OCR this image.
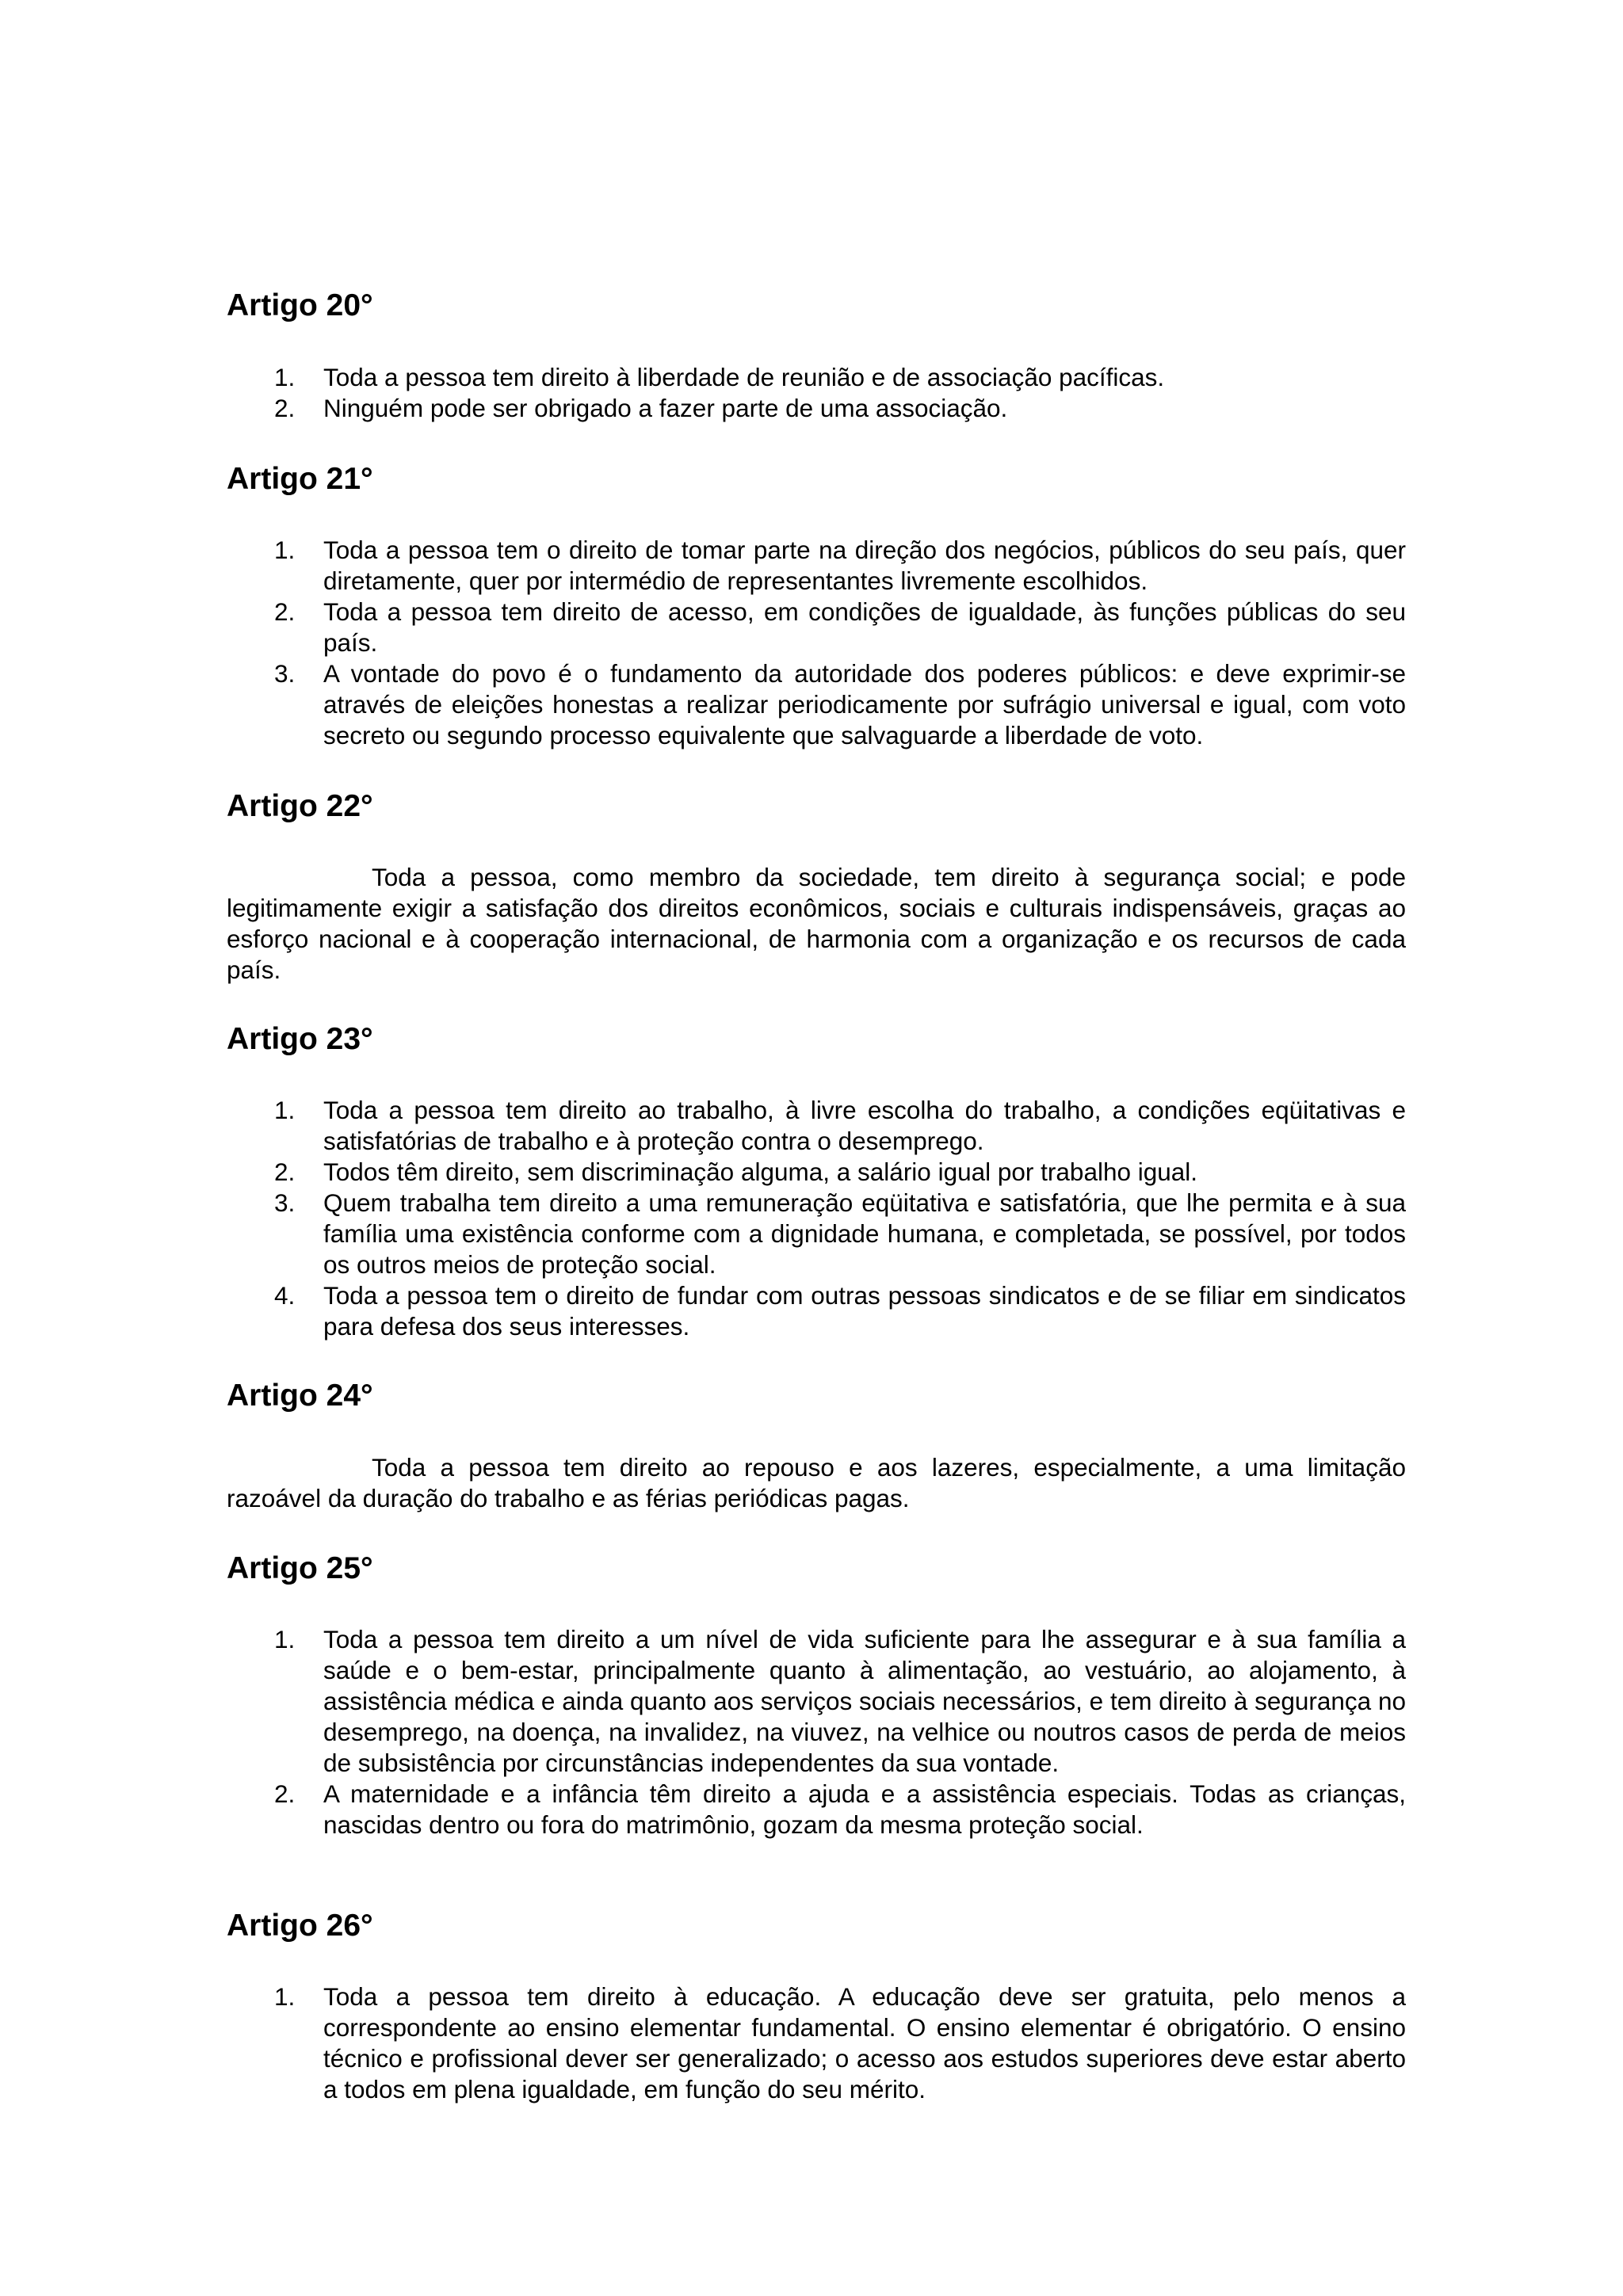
Artigo 20°
1.	Toda a pessoa tem direito à liberdade de reunião e de associação pacíficas.
2.	Ninguém pode ser obrigado a fazer parte de uma associação.
Artigo 21°
1.	Toda a pessoa tem o direito de tomar parte na direção dos negócios, públicos do seu país, quer diretamente, quer por intermédio de representantes livremente escolhidos.
2.	Toda a pessoa tem direito de acesso, em condições de igualdade, às funções públicas do seu país.
3.	A vontade do povo é o fundamento da autoridade dos poderes públicos: e deve exprimir-se através de eleições honestas a realizar periodicamente por sufrágio universal e igual, com voto secreto ou segundo processo equivalente que salvaguarde a liberdade de voto.
Artigo 22°

Toda a pessoa, como membro da sociedade, tem direito à segurança social; e pode legitimamente exigir a satisfação dos direitos econômicos, sociais e culturais indispensáveis, graças ao esforço nacional e à cooperação internacional, de harmonia com a organização e os recursos de cada país.

Artigo 23°
1.	Toda a pessoa tem direito ao trabalho, à livre escolha do trabalho, a condições eqüitativas e satisfatórias de trabalho e à proteção contra o desemprego.
2.	Todos têm direito, sem discriminação alguma, a salário igual por trabalho igual.
3.	Quem trabalha tem direito a uma remuneração eqüitativa e satisfatória, que lhe permita e à sua família uma existência conforme com a dignidade humana, e completada, se possível, por todos os outros meios de proteção social.
4.	Toda a pessoa tem o direito de fundar com outras pessoas sindicatos e de se filiar em sindicatos para defesa dos seus interesses.
Artigo 24°

Toda a pessoa tem direito ao repouso e aos lazeres, especialmente, a uma limitação razoável da duração do trabalho e as férias periódicas pagas.

Artigo 25°
1.	Toda a pessoa tem direito a um nível de vida suficiente para lhe assegurar e à sua família a saúde e o bem-estar, principalmente quanto à alimentação, ao vestuário, ao alojamento, à assistência médica e ainda quanto aos serviços sociais necessários, e tem direito à segurança no desemprego, na doença, na invalidez, na viuvez, na velhice ou noutros casos de perda de meios de subsistência por circunstâncias independentes da sua vontade.
2.	A maternidade e a infância têm direito a ajuda e a assistência especiais. Todas as crianças, nascidas dentro ou fora do matrimônio, gozam da mesma proteção social.
Artigo 26°
1.	Toda a pessoa tem direito à educação. A educação deve ser gratuita, pelo menos a correspondente ao ensino elementar fundamental. O ensino elementar é obrigatório. O ensino técnico e profissional dever ser generalizado; o acesso aos estudos superiores deve estar aberto a todos em plena igualdade, em função do seu mérito.
